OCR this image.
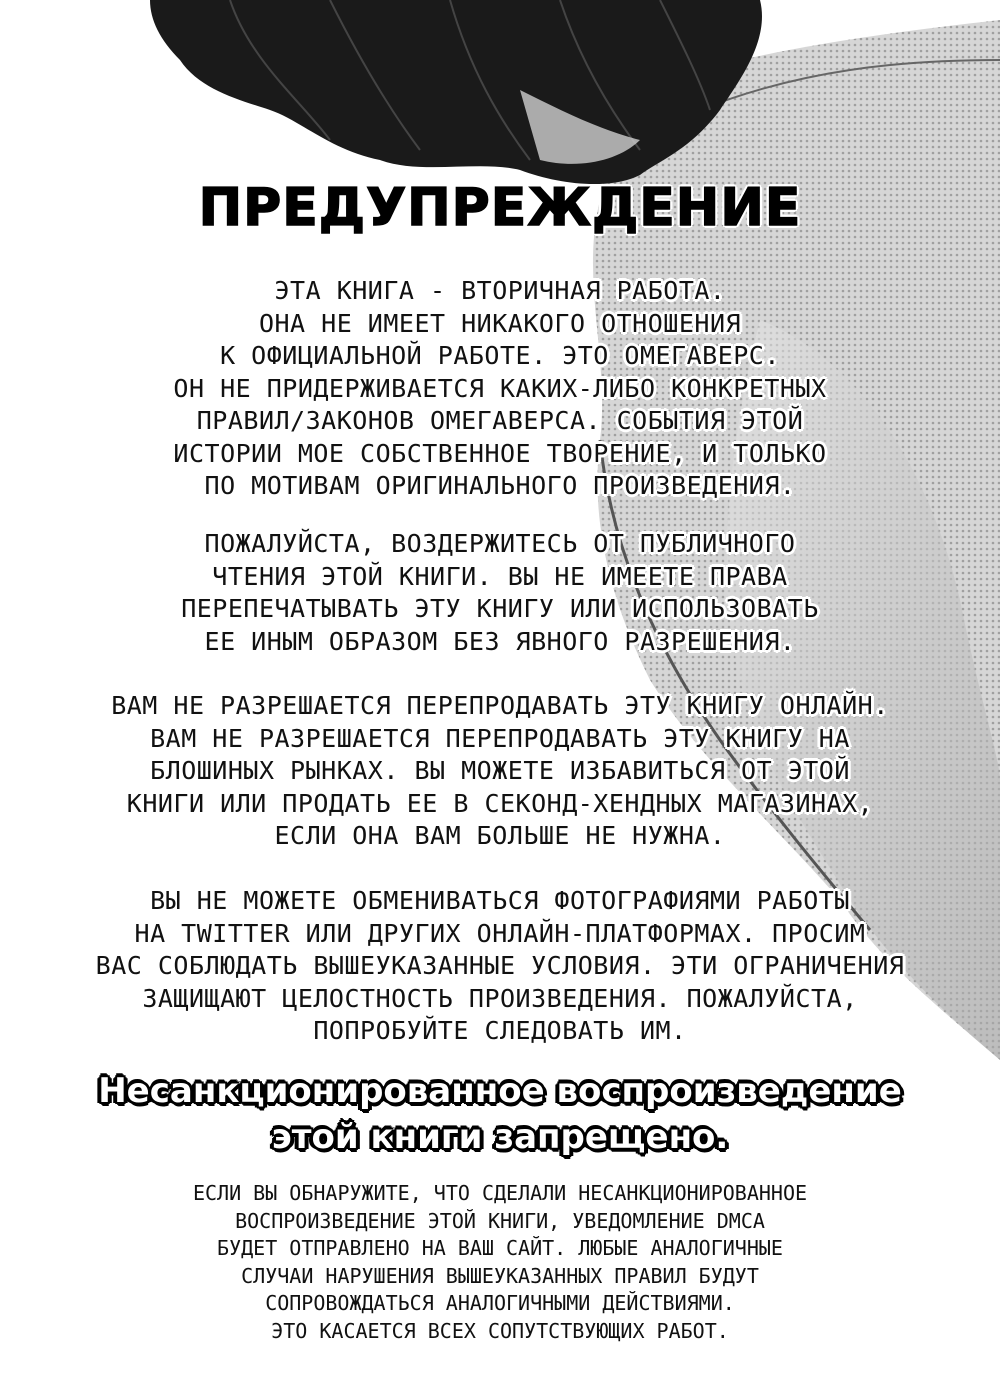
ПРЕДУПРЕЖДЕНИЕ
ЭТА КНИГА - ВТОРИЧНАЯ РАБОТА.
ОНА НЕ ИМЕЕТ НИКАКОГО ОТНОШЕНИЯ
К ОФИЦИАЛЬНОЙ РАБОТЕ. ЭТО ОМЕГАВЕРС.
ОН НЕ ПРИДЕРЖИВАЕТСЯ КАКИХ-ЛИБО КОНКРЕТНЫХ
ПРАВИЛ/ЗАКОНОВ ОМЕГАВЕРСА. СОБЫТИЯ ЭТОЙ
ИСТОРИИ МОЕ СОБСТВЕННОЕ ТВОРЕНИЕ, И ТОЛЬКО
ПО МОТИВАМ ОРИГИНАЛЬНОГО ПРОИЗВЕДЕНИЯ.
ПОЖАЛУЙСТА, ВОЗДЕРЖИТЕСЬ ОТ ПУБЛИЧНОГО
ЧТЕНИЯ ЭТОЙ КНИГИ. ВЫ НЕ ИМЕЕТЕ ПРАВА
ПЕРЕПЕЧАТЫВАТЬ ЭТУ КНИГУ ИЛИ ИСПОЛЬЗОВАТЬ
ЕЕ ИНЫМ ОБРАЗОМ БЕЗ ЯВНОГО РАЗРЕШЕНИЯ.
ВАМ НЕ РАЗРЕШАЕТСЯ ПЕРЕПРОДАВАТЬ ЭТУ КНИГУ ОНЛАЙН.
ВАМ НЕ РАЗРЕШАЕТСЯ ПЕРЕПРОДАВАТЬ ЭТУ КНИГУ НА
БЛОШИНЫХ РЫНКАХ. ВЫ МОЖЕТЕ ИЗБАВИТЬСЯ ОТ ЭТОЙ
КНИГИ ИЛИ ПРОДАТЬ ЕЕ В СЕКОНД-ХЕНДНЫХ МАГАЗИНАХ,
ЕСЛИ ОНА ВАМ БОЛЬШЕ НЕ НУЖНА.
ВЫ НЕ МОЖЕТЕ ОБМЕНИВАТЬСЯ ФОТОГРАФИЯМИ РАБОТЫ
НА TWITTER ИЛИ ДРУГИХ ОНЛАЙН-ПЛАТФОРМАХ. ПРОСИМ
ВАС СОБЛЮДАТЬ ВЫШЕУКАЗАННЫЕ УСЛОВИЯ. ЭТИ ОГРАНИЧЕНИЯ
ЗАЩИЩАЮТ ЦЕЛОСТНОСТЬ ПРОИЗВЕДЕНИЯ. ПОЖАЛУЙСТА,
ПОПРОБУЙТЕ СЛЕДОВАТЬ ИМ.
Несанкционированное воспроизведение
этой книги запрещено.
ЕСЛИ ВЫ ОБНАРУЖИТЕ, ЧТО СДЕЛАЛИ НЕСАНКЦИОНИРОВАННОЕ
ВОСПРОИЗВЕДЕНИЕ ЭТОЙ КНИГИ, УВЕДОМЛЕНИЕ DMCA
БУДЕТ ОТПРАВЛЕНО НА ВАШ САЙТ. ЛЮБЫЕ АНАЛОГИЧНЫЕ
СЛУЧАИ НАРУШЕНИЯ ВЫШЕУКАЗАННЫХ ПРАВИЛ БУДУТ
СОПРОВОЖДАТЬСЯ АНАЛОГИЧНЫМИ ДЕЙСТВИЯМИ.
ЭТО КАСАЕТСЯ ВСЕХ СОПУТСТВУЮЩИХ РАБОТ.
